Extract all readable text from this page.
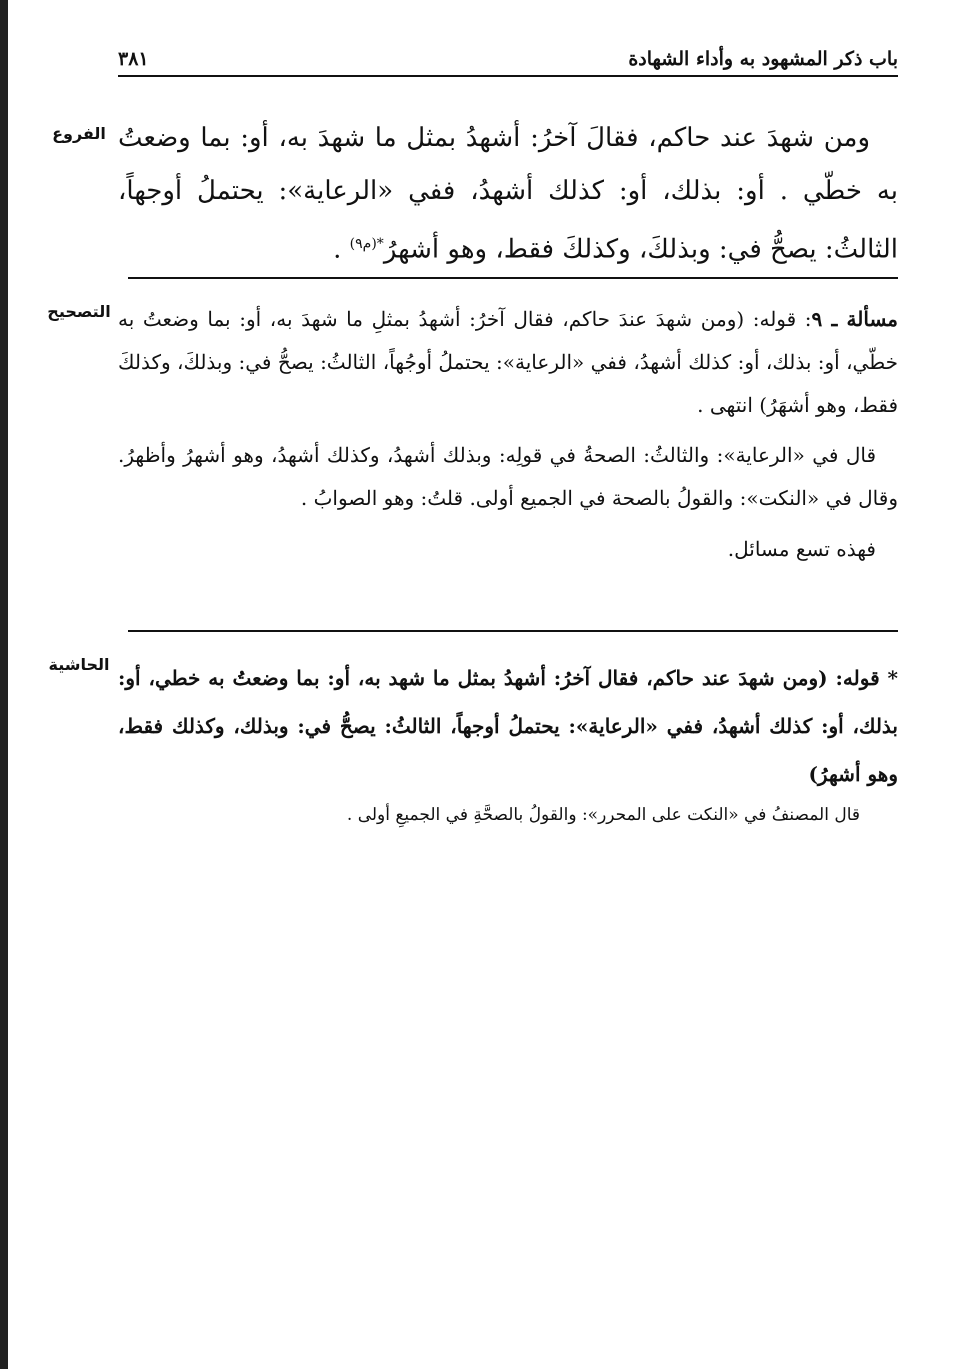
باب ذكر المشهود به وأداء الشهادة
٣٨١
الفروع ومن شهدَ عند حاكم، فقالَ آخرُ: أشهدُ بمثل ما شهدَ به، أو: بما وضعتُ به خطّي . أو: بذلك، أو: كذلك أشهدُ، ففي «الرعاية»: يحتملُ أوجهاً، الثالثُ: يصحُّ في: وبذلكَ، وكذلكَ فقط، وهو أشهرُ$^{*(م٩)}$ .

التصحيح	مسألة ـ ٩: قوله: (ومن شهدَ عندَ حاكم، فقال آخرُ: أشهدُ بمثلِ ما شهدَ به، أو: بما وضعتُ به خطّي، أو: بذلك، أو: كذلك أشهدُ، ففي «الرعاية»: يحتملُ أوجُهاً، الثالثُ: يصحُّ في: وبذلكَ، وكذلكَ فقط، وهو أشهَرُ) انتهى .

قال في «الرعاية»: والثالثُ: الصحةُ في قولِه: وبذلك أشهدُ، وكذلك أشهدُ، وهو أشهرُ وأظهرُ. وقال في «النكت»: والقولُ بالصحة في الجميع أولى. قلتُ: وهو الصوابُ .

فهذه تسع مسائل.

الحاشية

* قوله: (ومن شهدَ عند حاكم، فقال آخرُ: أشهدُ بمثل ما شهد به، أو: بما وضعتُ به خطي، أو: بذلك، أو: كذلك أشهدُ، ففي «الرعاية»: يحتملُ أوجهاً، الثالثُ: يصحُّ في: وبذلك، وكذلك فقط، وهو أشهرُ)

قال المصنفُ في «النكت على المحرر»: والقولُ بالصحَّةِ في الجميعِ أولى .
